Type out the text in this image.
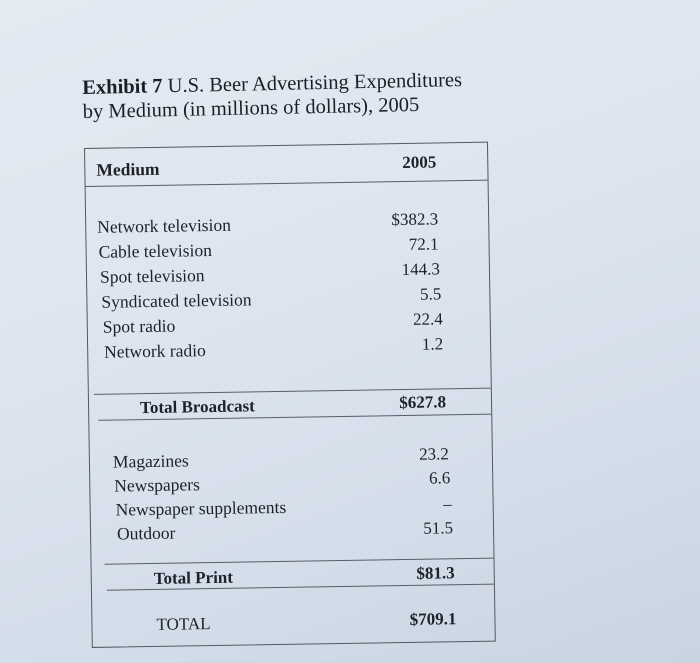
Exhibit 7 U.S. Beer Advertising Expenditures
by Medium (in millions of dollars), 2005
Medium	2005
Network television	$382.3
Cable television	72.1
Spot television	144.3
Syndicated television	5.5
Spot radio	22.4
Network radio	1.2
Total Broadcast	$627.8
Magazines	23.2
Newspapers	6.6
Newspaper supplements	–
Outdoor	51.5
Total Print	$81.3
TOTAL	$709.1
